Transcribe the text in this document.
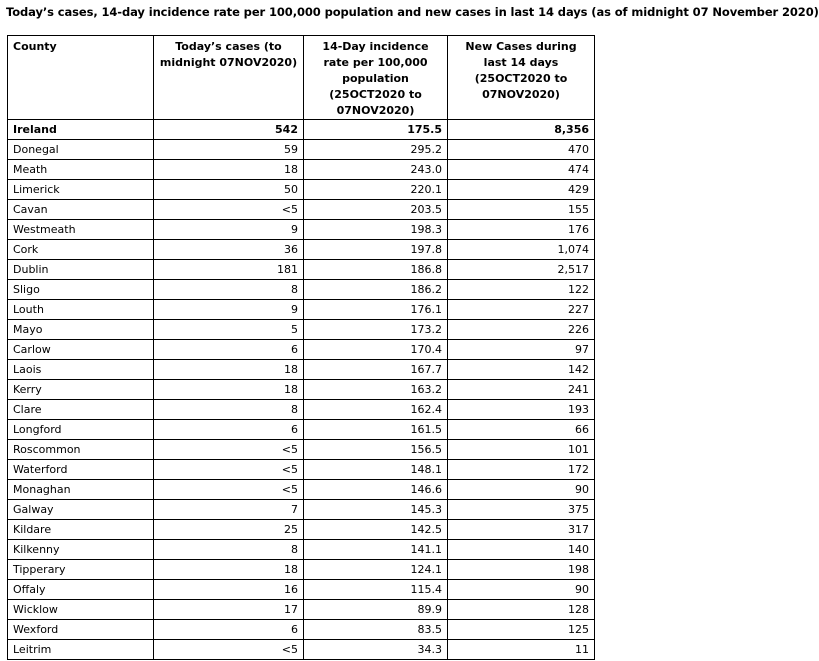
Today’s cases, 14-day incidence rate per 100,000 population and new cases in last 14 days (as of midnight 07 November 2020)
County	Today’s cases (to midnight 07NOV2020)	14-Day incidence rate per 100,000 population (25OCT2020 to 07NOV2020)	New Cases during last 14 days (25OCT2020 to 07NOV2020)
Ireland	542	175.5	8,356
Donegal	59	295.2	470
Meath	18	243.0	474
Limerick	50	220.1	429
Cavan	<5	203.5	155
Westmeath	9	198.3	176
Cork	36	197.8	1,074
Dublin	181	186.8	2,517
Sligo	8	186.2	122
Louth	9	176.1	227
Mayo	5	173.2	226
Carlow	6	170.4	97
Laois	18	167.7	142
Kerry	18	163.2	241
Clare	8	162.4	193
Longford	6	161.5	66
Roscommon	<5	156.5	101
Waterford	<5	148.1	172
Monaghan	<5	146.6	90
Galway	7	145.3	375
Kildare	25	142.5	317
Kilkenny	8	141.1	140
Tipperary	18	124.1	198
Offaly	16	115.4	90
Wicklow	17	89.9	128
Wexford	6	83.5	125
Leitrim	<5	34.3	11
